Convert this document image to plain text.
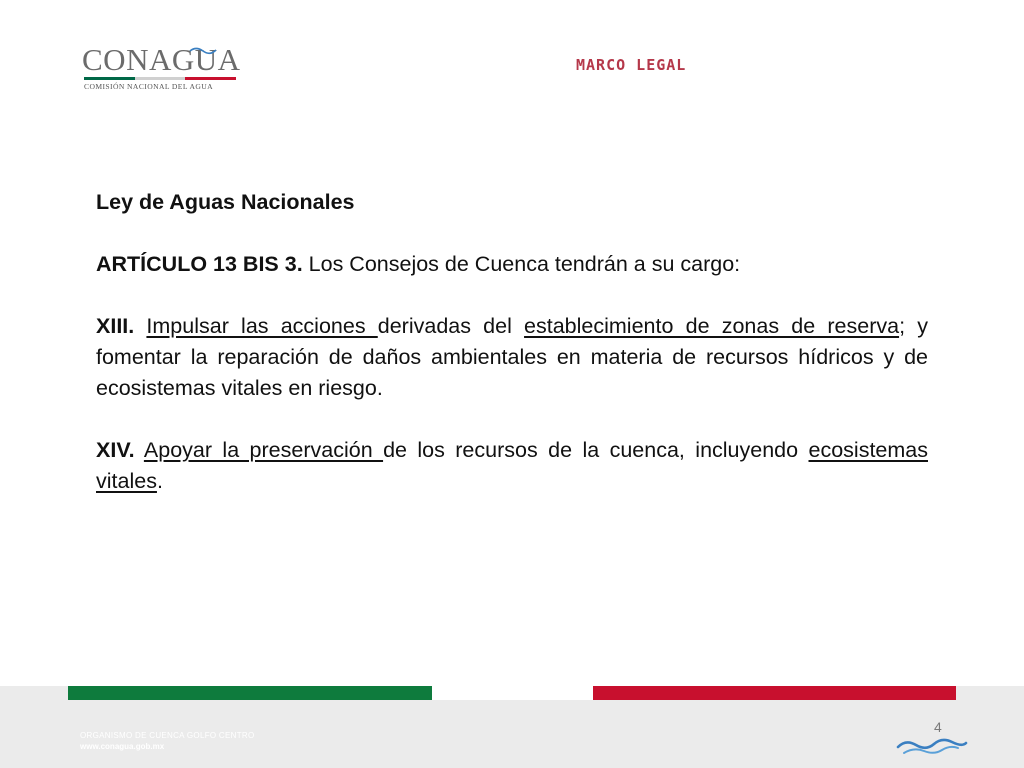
CONAGUA
COMISIÓN NACIONAL DEL AGUA
MARCO LEGAL

Ley de Aguas Nacionales

ARTÍCULO 13 BIS 3. Los Consejos de Cuenca tendrán a su cargo:

XIII. Impulsar las acciones derivadas del establecimiento de zonas de reserva; y fomentar la reparación de daños ambientales en materia de recursos hídricos y de ecosistemas vitales en riesgo.

XIV. Apoyar la preservación de los recursos de la cuenca, incluyendo ecosistemas vitales.

ORGANISMO DE CUENCA GOLFO CENTRO
www.conagua.gob.mx
4
